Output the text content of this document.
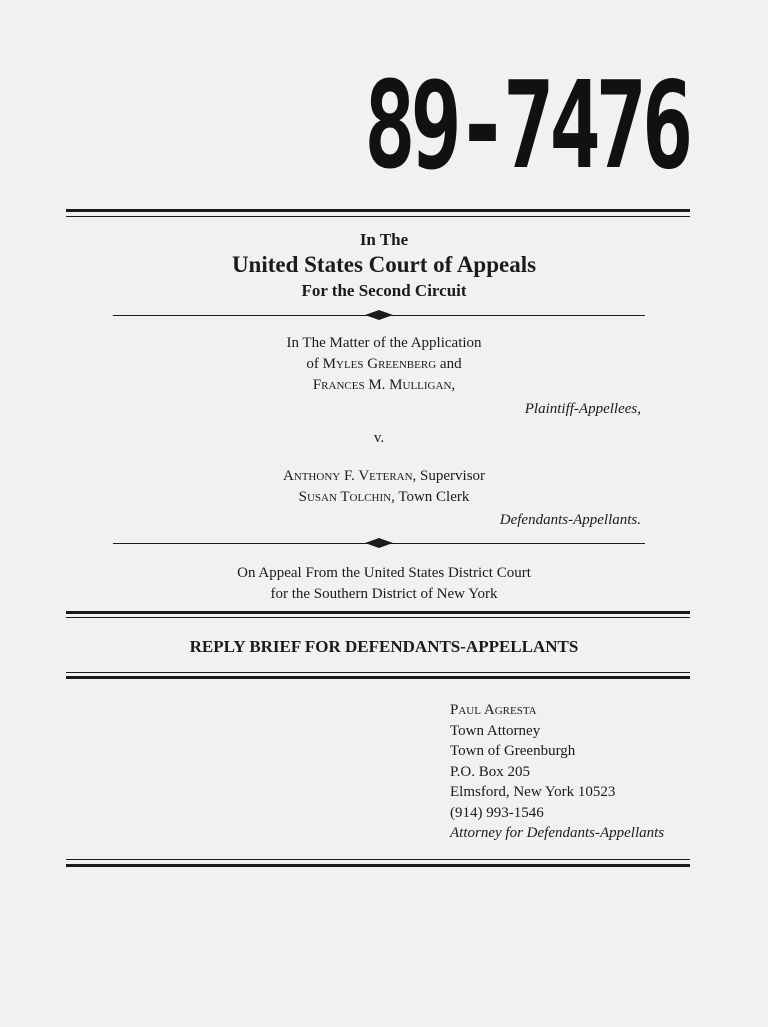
89-7476
In The
United States Court of Appeals
For the Second Circuit
In The Matter of the Application
of Myles Greenberg and
Frances M. Mulligan,
Plaintiff-Appellees,
v.
Anthony F. Veteran, Supervisor
Susan Tolchin, Town Clerk
Defendants-Appellants.
On Appeal From the United States District Court
for the Southern District of New York
REPLY BRIEF FOR DEFENDANTS-APPELLANTS
Paul Agresta
Town Attorney
Town of Greenburgh
P.O. Box 205
Elmsford, New York 10523
(914) 993-1546
Attorney for Defendants-Appellants
